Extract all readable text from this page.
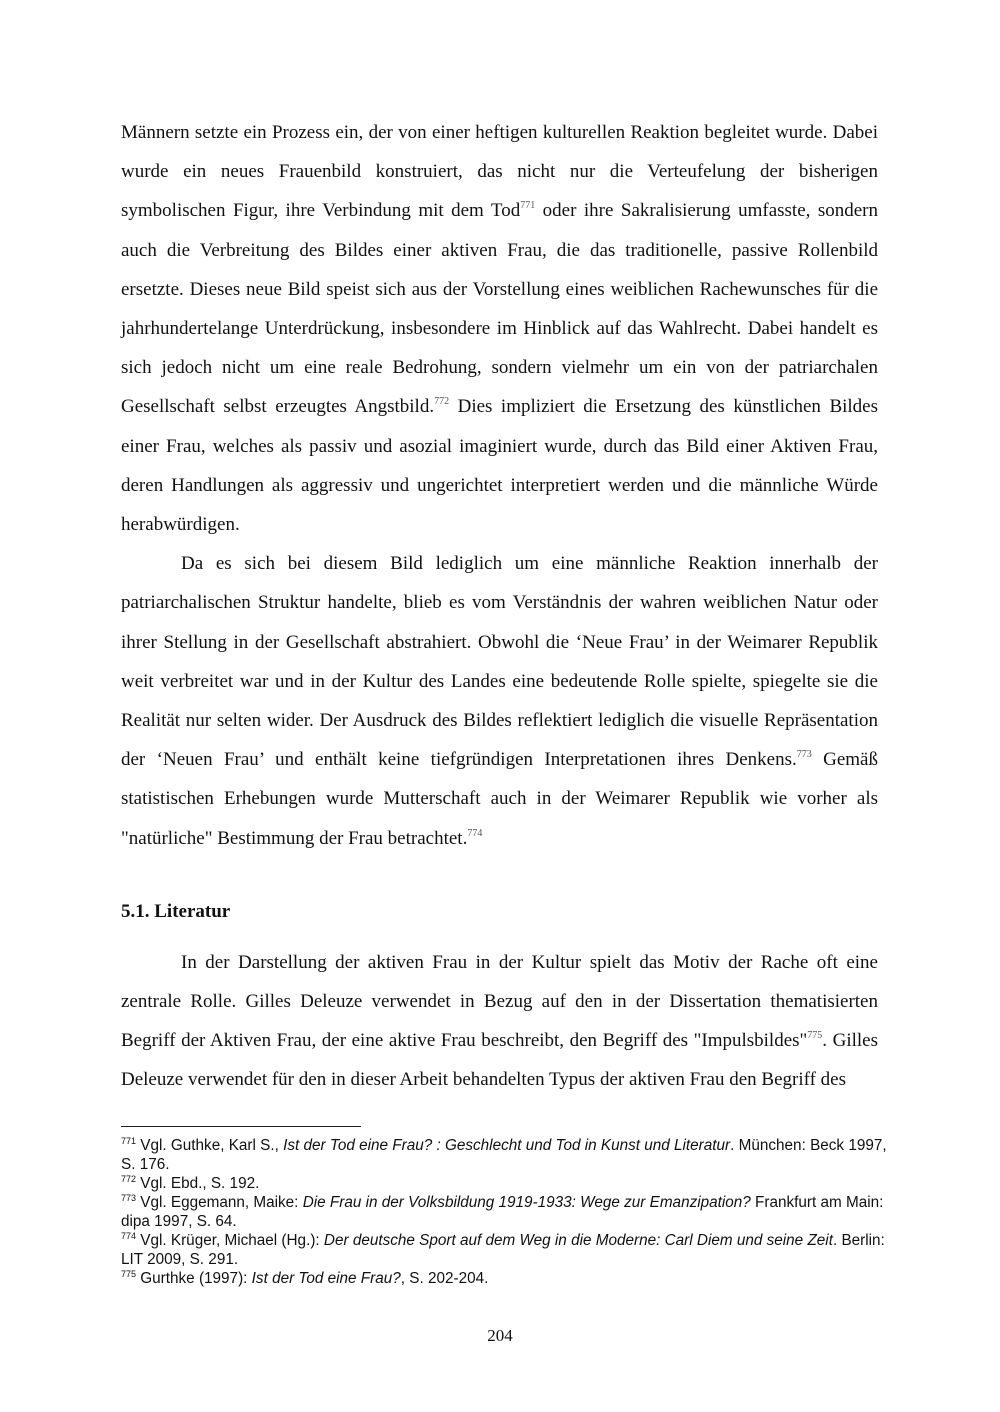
Männern setzte ein Prozess ein, der von einer heftigen kulturellen Reaktion begleitet wurde. Dabei wurde ein neues Frauenbild konstruiert, das nicht nur die Verteufelung der bisherigen symbolischen Figur, ihre Verbindung mit dem Tod$^{771}$ oder ihre Sakralisierung umfasste, sondern auch die Verbreitung des Bildes einer aktiven Frau, die das traditionelle, passive Rollenbild ersetzte. Dieses neue Bild speist sich aus der Vorstellung eines weiblichen Rachewunsches für die jahrhundertelange Unterdrückung, insbesondere im Hinblick auf das Wahlrecht. Dabei handelt es sich jedoch nicht um eine reale Bedrohung, sondern vielmehr um ein von der patriarchalen Gesellschaft selbst erzeugtes Angstbild.$^{772}$ Dies impliziert die Ersetzung des künstlichen Bildes einer Frau, welches als passiv und asozial imaginiert wurde, durch das Bild einer Aktiven Frau, deren Handlungen als aggressiv und ungerichtet interpretiert werden und die männliche Würde herabwürdigen.

Da es sich bei diesem Bild lediglich um eine männliche Reaktion innerhalb der patriarchalischen Struktur handelte, blieb es vom Verständnis der wahren weiblichen Natur oder ihrer Stellung in der Gesellschaft abstrahiert. Obwohl die ‘Neue Frau’ in der Weimarer Republik weit verbreitet war und in der Kultur des Landes eine bedeutende Rolle spielte, spiegelte sie die Realität nur selten wider. Der Ausdruck des Bildes reflektiert lediglich die visuelle Repräsentation der ‘Neuen Frau’ und enthält keine tiefgründigen Interpretationen ihres Denkens.$^{773}$ Gemäß statistischen Erhebungen wurde Mutterschaft auch in der Weimarer Republik wie vorher als "natürliche" Bestimmung der Frau betrachtet.$^{774}$

5.1. Literatur

In der Darstellung der aktiven Frau in der Kultur spielt das Motiv der Rache oft eine zentrale Rolle. Gilles Deleuze verwendet in Bezug auf den in der Dissertation thematisierten Begriff der Aktiven Frau, der eine aktive Frau beschreibt, den Begriff des "Impulsbildes"$^{775}$. Gilles Deleuze verwendet für den in dieser Arbeit behandelten Typus der aktiven Frau den Begriff des

$^{771}$ Vgl. Guthke, Karl S., Ist der Tod eine Frau? : Geschlecht und Tod in Kunst und Literatur. München: Beck 1997, S. 176.

$^{772}$ Vgl. Ebd., S. 192.

$^{773}$ Vgl. Eggemann, Maike: Die Frau in der Volksbildung 1919-1933: Wege zur Emanzipation? Frankfurt am Main: dipa 1997, S. 64.

$^{774}$ Vgl. Krüger, Michael (Hg.): Der deutsche Sport auf dem Weg in die Moderne: Carl Diem und seine Zeit. Berlin: LIT 2009, S. 291.

$^{775}$ Gurthke (1997): Ist der Tod eine Frau?, S. 202-204.

204
